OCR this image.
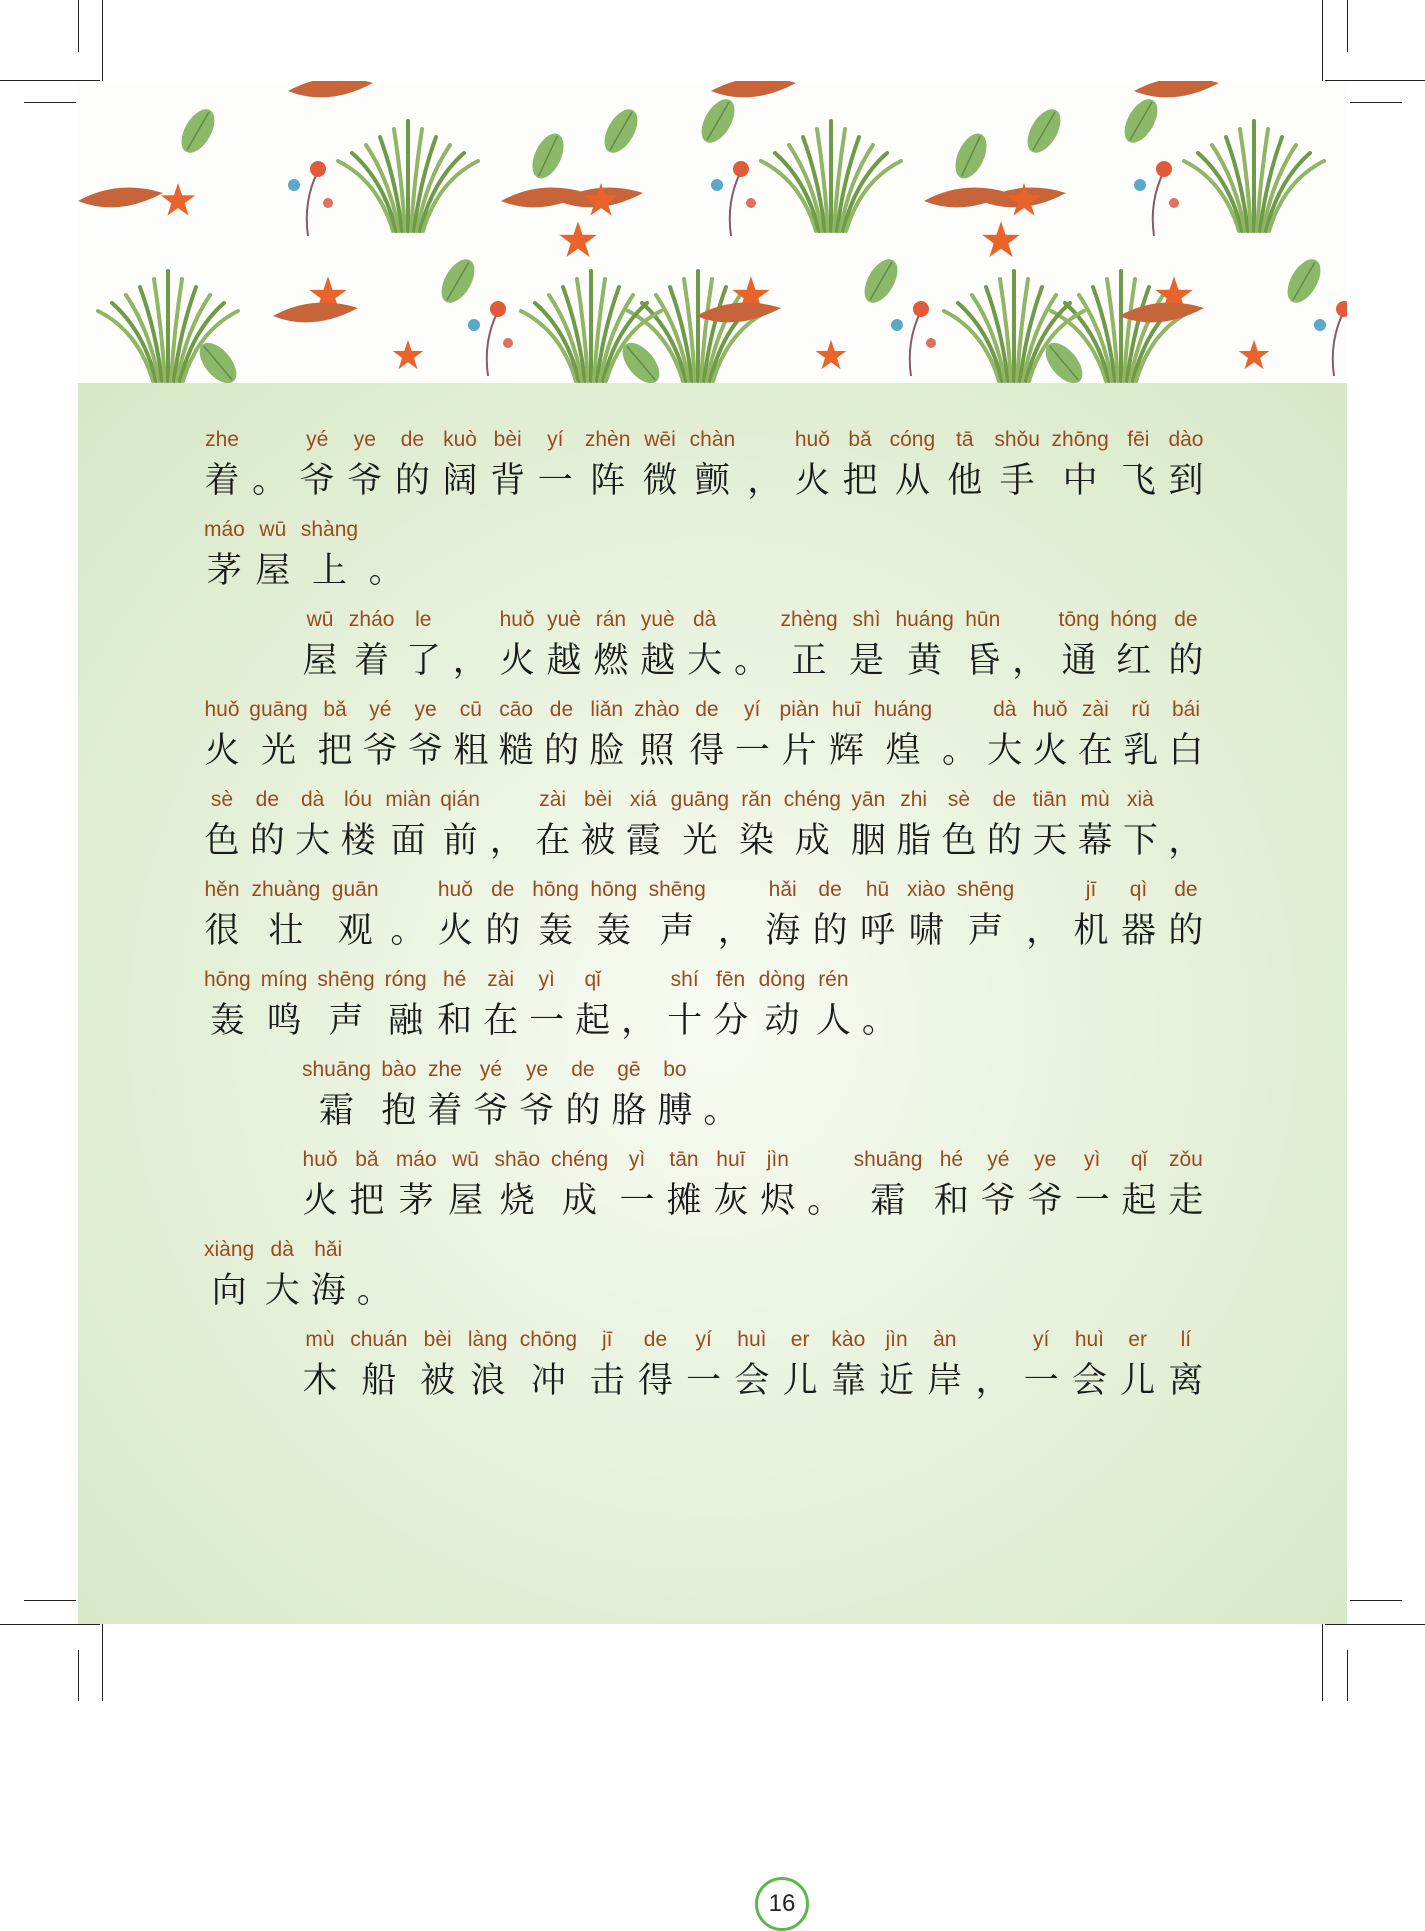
zhe
着 。
yé
爷
ye
爷
de
的
kuò
阔
bèi
背
yí
一
zhèn
阵
wēi
微
chàn
颤 ，
huǒ
火
bǎ
把
cóng
从
tā
他
shǒu
手
zhōng
中
fēi
飞
dào
到
máo
茅
wū
屋
shàng
上 。
wū
屋
zháo
着
le
了 ，
huǒ
火
yuè
越
rán
燃
yuè
越
dà
大 。
zhèng
正
shì
是
huáng
黄
hūn
昏 ，
tōng
通
hóng
红
de
的
huǒ
火
guāng
光
bǎ
把
yé
爷
ye
爷
cū
粗
cāo
糙
de
的
liǎn
脸
zhào
照
de
得
yí
一
piàn
片
huī
辉
huáng
煌 。
dà
大
huǒ
火
zài
在
rǔ
乳
bái
白
sè
色
de
的
dà
大
lóu
楼
miàn
面
qián
前 ，
zài
在
bèi
被
xiá
霞
guāng
光
rǎn
染
chéng
成
yān
胭
zhi
脂
sè
色
de
的
tiān
天
mù
幕
xià
下 ，
hěn
很
zhuàng
壮
guān
观 。
huǒ
火
de
的
hōng
轰
hōng
轰
shēng
声 ，
hǎi
海
de
的
hū
呼
xiào
啸
shēng
声 ，
jī
机
qì
器
de
的
hōng
轰
míng
鸣
shēng
声
róng
融
hé
和
zài
在
yì
一
qǐ
起 ，
shí
十
fēn
分
dòng
动
rén
人 。
shuāng
霜
bào
抱
zhe
着
yé
爷
ye
爷
de
的
gē
胳
bo
膊 。
huǒ
火
bǎ
把
máo
茅
wū
屋
shāo
烧
chéng
成
yì
一
tān
摊
huī
灰
jìn
烬 。
shuāng
霜
hé
和
yé
爷
ye
爷
yì
一
qǐ
起
zǒu
走
xiàng
向
dà
大
hǎi
海 。
mù
木
chuán
船
bèi
被
làng
浪
chōng
冲
jī
击
de
得
yí
一
huì
会
er
儿
kào
靠
jìn
近
àn
岸 ，
yí
一
huì
会
er
儿
lí
离
16
